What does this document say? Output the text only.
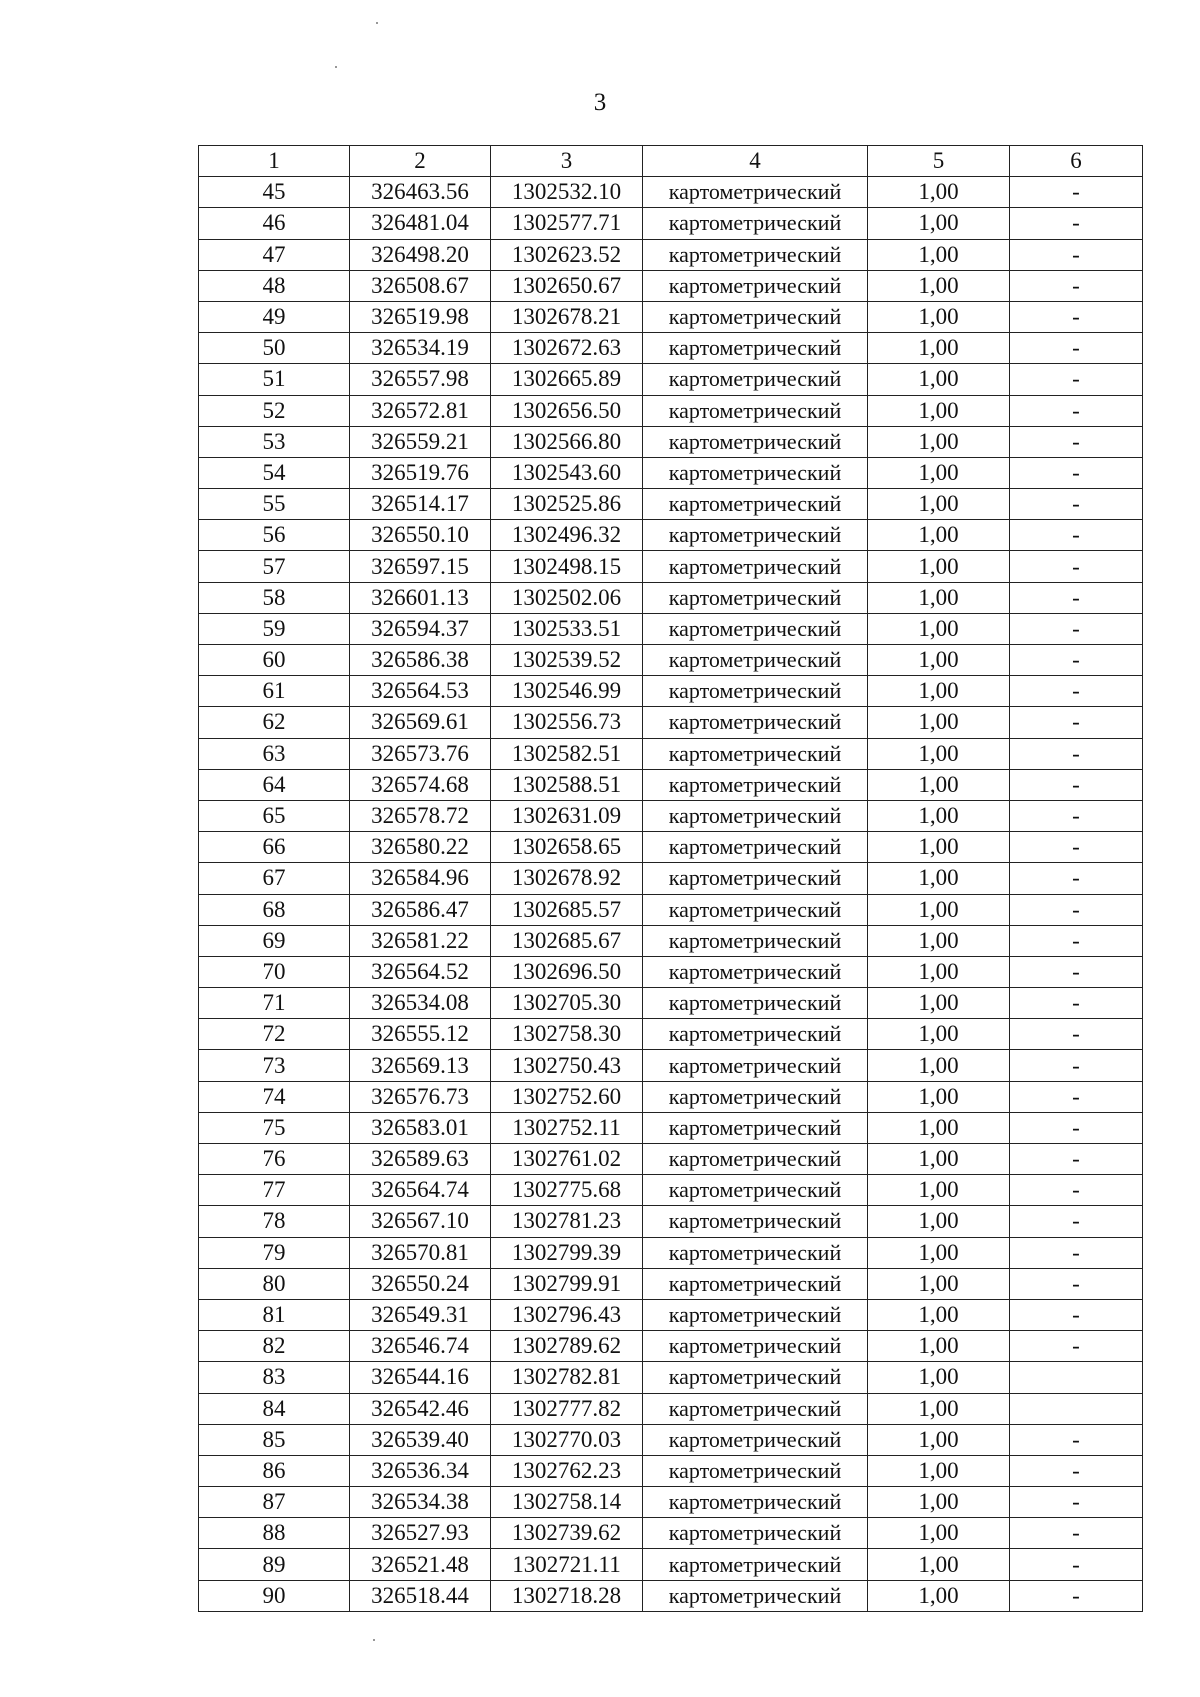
3
1	2	3	4	5	6
45	326463.56	1302532.10	картометрический	1,00	-
46	326481.04	1302577.71	картометрический	1,00	-
47	326498.20	1302623.52	картометрический	1,00	-
48	326508.67	1302650.67	картометрический	1,00	-
49	326519.98	1302678.21	картометрический	1,00	-
50	326534.19	1302672.63	картометрический	1,00	-
51	326557.98	1302665.89	картометрический	1,00	-
52	326572.81	1302656.50	картометрический	1,00	-
53	326559.21	1302566.80	картометрический	1,00	-
54	326519.76	1302543.60	картометрический	1,00	-
55	326514.17	1302525.86	картометрический	1,00	-
56	326550.10	1302496.32	картометрический	1,00	-
57	326597.15	1302498.15	картометрический	1,00	-
58	326601.13	1302502.06	картометрический	1,00	-
59	326594.37	1302533.51	картометрический	1,00	-
60	326586.38	1302539.52	картометрический	1,00	-
61	326564.53	1302546.99	картометрический	1,00	-
62	326569.61	1302556.73	картометрический	1,00	-
63	326573.76	1302582.51	картометрический	1,00	-
64	326574.68	1302588.51	картометрический	1,00	-
65	326578.72	1302631.09	картометрический	1,00	-
66	326580.22	1302658.65	картометрический	1,00	-
67	326584.96	1302678.92	картометрический	1,00	-
68	326586.47	1302685.57	картометрический	1,00	-
69	326581.22	1302685.67	картометрический	1,00	-
70	326564.52	1302696.50	картометрический	1,00	-
71	326534.08	1302705.30	картометрический	1,00	-
72	326555.12	1302758.30	картометрический	1,00	-
73	326569.13	1302750.43	картометрический	1,00	-
74	326576.73	1302752.60	картометрический	1,00	-
75	326583.01	1302752.11	картометрический	1,00	-
76	326589.63	1302761.02	картометрический	1,00	-
77	326564.74	1302775.68	картометрический	1,00	-
78	326567.10	1302781.23	картометрический	1,00	-
79	326570.81	1302799.39	картометрический	1,00	-
80	326550.24	1302799.91	картометрический	1,00	-
81	326549.31	1302796.43	картометрический	1,00	-
82	326546.74	1302789.62	картометрический	1,00	-
83	326544.16	1302782.81	картометрический	1,00	
84	326542.46	1302777.82	картометрический	1,00	
85	326539.40	1302770.03	картометрический	1,00	-
86	326536.34	1302762.23	картометрический	1,00	-
87	326534.38	1302758.14	картометрический	1,00	-
88	326527.93	1302739.62	картометрический	1,00	-
89	326521.48	1302721.11	картометрический	1,00	-
90	326518.44	1302718.28	картометрический	1,00	-
